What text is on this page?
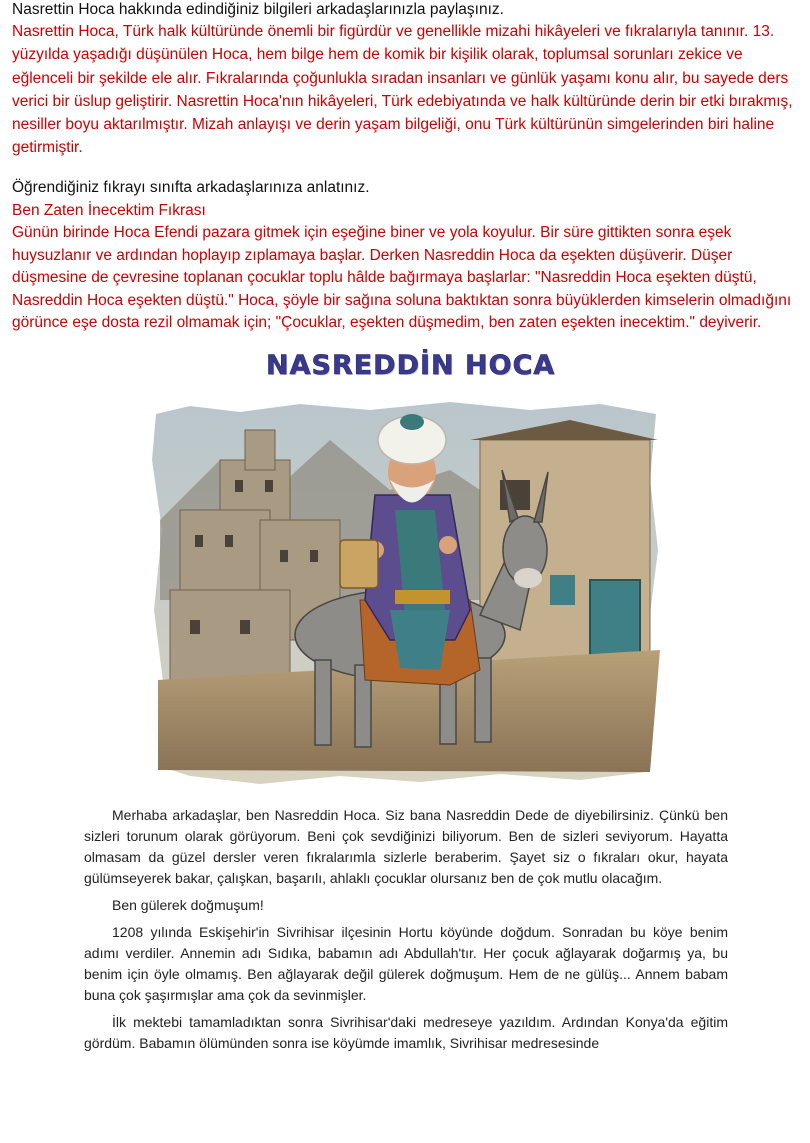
Nasrettin Hoca hakkında edindiğiniz bilgileri arkadaşlarınızla paylaşınız.

Nasrettin Hoca, Türk halk kültüründe önemli bir figürdür ve genellikle mizahi hikâyeleri ve fıkralarıyla tanınır. 13. yüzyılda yaşadığı düşünülen Hoca, hem bilge hem de komik bir kişilik olarak, toplumsal sorunları zekice ve eğlenceli bir şekilde ele alır. Fıkralarında çoğunlukla sıradan insanları ve günlük yaşamı konu alır, bu sayede ders verici bir üslup geliştirir. Nasrettin Hoca'nın hikâyeleri, Türk edebiyatında ve halk kültüründe derin bir etki bırakmış, nesiller boyu aktarılmıştır. Mizah anlayışı ve derin yaşam bilgeliği, onu Türk kültürünün simgelerinden biri haline getirmiştir.

Öğrendiğiniz fıkrayı sınıfta arkadaşlarınıza anlatınız.

Ben Zaten İnecektim Fıkrası

Günün birinde Hoca Efendi pazara gitmek için eşeğine biner ve yola koyulur. Bir süre gittikten sonra eşek huysuzlanır ve ardından hoplayıp zıplamaya başlar. Derken Nasreddin Hoca da eşekten düşüverir. Düşer düşmesine de çevresine toplanan çocuklar toplu hâlde bağırmaya başlarlar: "Nasreddin Hoca eşekten düştü, Nasreddin Hoca eşekten düştü." Hoca, şöyle bir sağına soluna baktıktan sonra büyüklerden kimselerin olmadığını görünce eşe dosta rezil olmamak için; "Çocuklar, eşekten düşmedim, ben zaten eşekten inecektim." deyiverir.

NASREDDİN HOCA

Merhaba arkadaşlar, ben Nasreddin Hoca. Siz bana Nasreddin Dede de diyebilirsiniz. Çünkü ben sizleri torunum olarak görüyorum. Beni çok sevdiğinizi biliyorum. Ben de sizleri seviyorum. Hayatta olmasam da güzel dersler veren fıkralarımla sizlerle beraberim. Şayet siz o fıkraları okur, hayata gülümseyerek bakar, çalışkan, başarılı, ahlaklı çocuklar olursanız ben de çok mutlu olacağım.

Ben gülerek doğmuşum!

1208 yılında Eskişehir'in Sivrihisar ilçesinin Hortu köyünde doğdum. Sonradan bu köye benim adımı verdiler. Annemin adı Sıdıka, babamın adı Abdullah'tır. Her çocuk ağlayarak doğarmış ya, bu benim için öyle olmamış. Ben ağlayarak değil gülerek doğmuşum. Hem de ne gülüş... Annem babam buna çok şaşırmışlar ama çok da sevinmişler.

İlk mektebi tamamladıktan sonra Sivrihisar'daki medreseye yazıldım. Ardından Konya'da eğitim gördüm. Babamın ölümünden sonra ise köyümde imamlık, Sivrihisar medresesinde
